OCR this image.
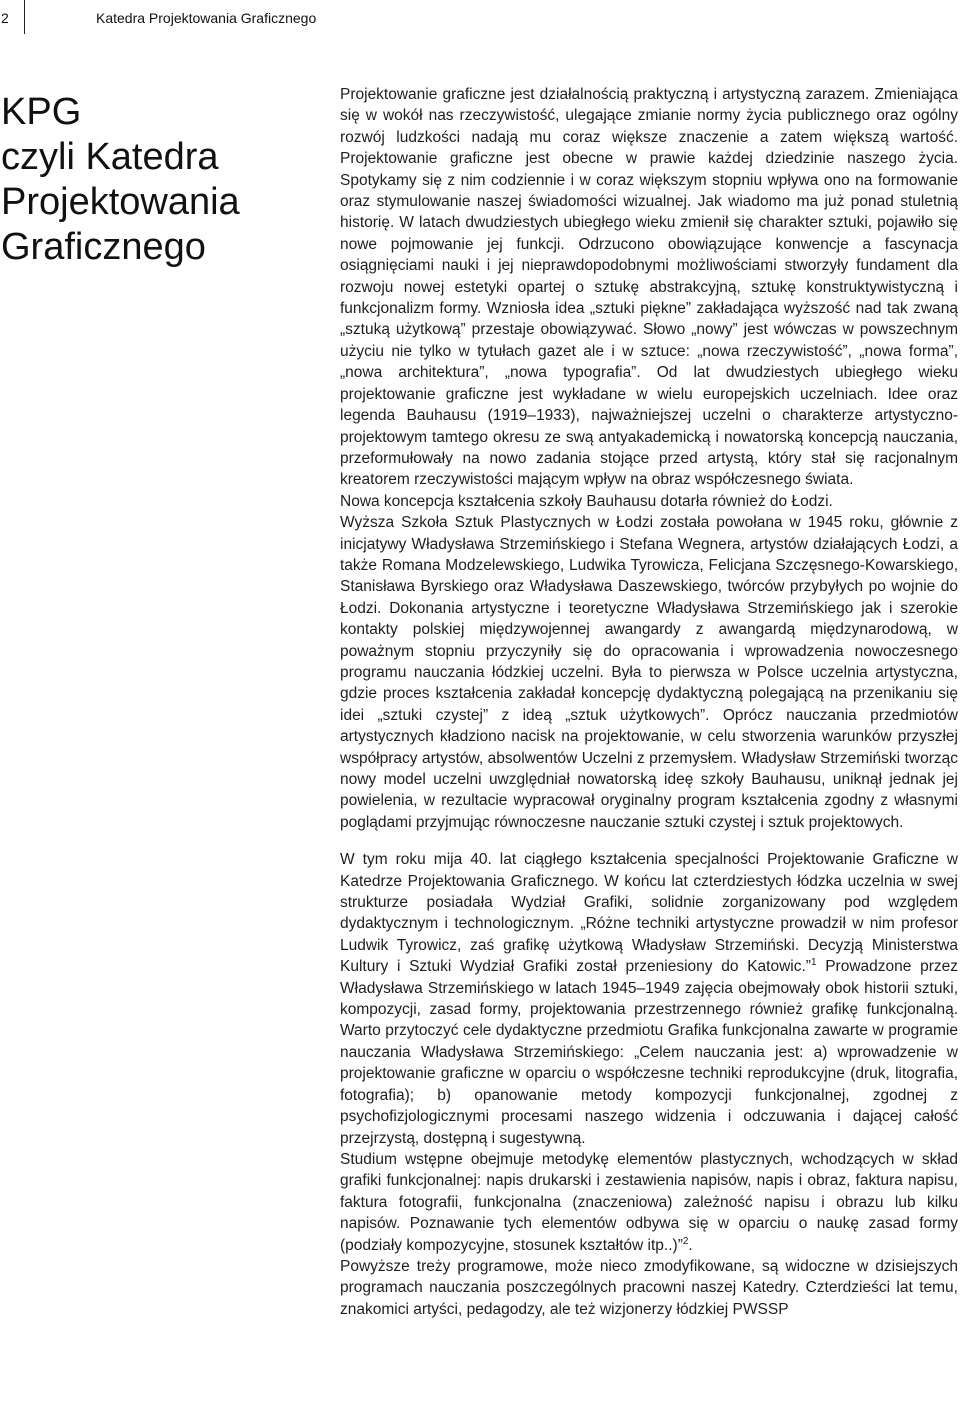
2	Katedra Projektowania Graficznego
KPG
czyli Katedra
Projektowania
Graficznego

Projektowanie graficzne jest działalnością praktyczną i artystyczną zarazem. Zmieniająca się w wokół nas rzeczywistość, ulegające zmianie normy życia publicznego oraz ogólny rozwój ludzkości nadają mu coraz większe znaczenie a zatem większą wartość. Projektowanie graficzne jest obecne w prawie każdej dziedzinie naszego życia. Spotykamy się z nim codziennie i w coraz większym stopniu wpływa ono na formowanie oraz stymulowanie naszej świadomości wizualnej. Jak wiadomo ma już ponad stuletnią historię. W latach dwudziestych ubiegłego wieku zmienił się charakter sztuki, pojawiło się nowe pojmowanie jej funkcji. Odrzucono obowiązujące konwencje a fascynacja osiągnięciami nauki i jej nieprawdopodobnymi możliwościami stworzyły fundament dla rozwoju nowej estetyki opartej o sztukę abstrakcyjną, sztukę konstruktywistyczną i funkcjonalizm formy. Wzniosła idea „sztuki piękne” zakładająca wyższość nad tak zwaną „sztuką użytkową” przestaje obowiązywać. Słowo „nowy” jest wówczas w powszechnym użyciu nie tylko w tytułach gazet ale i w sztuce: „nowa rzeczywistość”, „nowa forma”, „nowa architektura”, „nowa typografia”. Od lat dwudziestych ubiegłego wieku projektowanie graficzne jest wykładane w wielu europejskich uczelniach. Idee oraz legenda Bauhausu (1919–1933), najważniejszej uczelni o charakterze artystyczno-projektowym tamtego okresu ze swą antyakademicką i nowatorską koncepcją nauczania, przeformułowały na nowo zadania stojące przed artystą, który stał się racjonalnym kreatorem rzeczywistości mającym wpływ na obraz współczesnego świata.

Nowa koncepcja kształcenia szkoły Bauhausu dotarła również do Łodzi.

Wyższa Szkoła Sztuk Plastycznych w Łodzi została powołana w 1945 roku, głównie z inicjatywy Władysława Strzemińskiego i Stefana Wegnera, artystów działających Łodzi, a także Romana Modzelewskiego, Ludwika Tyrowicza, Felicjana Szczęsnego-Kowarskiego, Stanisława Byrskiego oraz Władysława Daszewskiego, twórców przybyłych po wojnie do Łodzi. Dokonania artystyczne i teoretyczne Władysława Strzemińskiego jak i szerokie kontakty polskiej międzywojennej awangardy z awangardą międzynarodową, w poważnym stopniu przyczyniły się do opracowania i wprowadzenia nowoczesnego programu nauczania łódzkiej uczelni. Była to pierwsza w Polsce uczelnia artystyczna, gdzie proces kształcenia zakładał koncepcję dydaktyczną polegającą na przenikaniu się idei „sztuki czystej” z ideą „sztuk użytkowych”. Oprócz nauczania przedmiotów artystycznych kładziono nacisk na projektowanie, w celu stworzenia warunków przyszłej współpracy artystów, absolwentów Uczelni z przemysłem. Władysław Strzemiński tworząc nowy model uczelni uwzględniał nowatorską ideę szkoły Bauhausu, uniknął jednak jej powielenia, w rezultacie wypracował oryginalny program kształcenia zgodny z własnymi poglądami przyjmując równoczesne nauczanie sztuki czystej i sztuk projektowych.

W tym roku mija 40. lat ciągłego kształcenia specjalności Projektowanie Graficzne w Katedrze Projektowania Graficznego. W końcu lat czterdziestych łódzka uczelnia w swej strukturze posiadała Wydział Grafiki, solidnie zorganizowany pod względem dydaktycznym i technologicznym. „Różne techniki artystyczne prowadził w nim profesor Ludwik Tyrowicz, zaś grafikę użytkową Władysław Strzemiński. Decyzją Ministerstwa Kultury i Sztuki Wydział Grafiki został przeniesiony do Katowic.”$^1$ Prowadzone przez Władysława Strzemińskiego w latach 1945–1949 zajęcia obejmowały obok historii sztuki, kompozycji, zasad formy, projektowania przestrzennego również grafikę funkcjonalną. Warto przytoczyć cele dydaktyczne przedmiotu Grafika funkcjonalna zawarte w programie nauczania Władysława Strzemińskiego: „Celem nauczania jest: a) wprowadzenie w projektowanie graficzne w oparciu o współczesne techniki reprodukcyjne (druk, litografia, fotografia); b) opanowanie metody kompozycji funkcjonalnej, zgodnej z psychofizjologicznymi procesami naszego widzenia i odczuwania i dającej całość przejrzystą, dostępną i sugestywną.

Studium wstępne obejmuje metodykę elementów plastycznych, wchodzących w skład grafiki funkcjonalnej: napis drukarski i zestawienia napisów, napis i obraz, faktura napisu, faktura fotografii, funkcjonalna (znaczeniowa) zależność napisu i obrazu lub kilku napisów. Poznawanie tych elementów odbywa się w oparciu o naukę zasad formy (podziały kompozycyjne, stosunek kształtów itp..)”$^2$.

Powyższe treży programowe, może nieco zmodyfikowane, są widoczne w dzisiejszych programach nauczania poszczególnych pracowni naszej Katedry. Czterdzieści lat temu, znakomici artyści, pedagodzy, ale też wizjonerzy łódzkiej PWSSP
